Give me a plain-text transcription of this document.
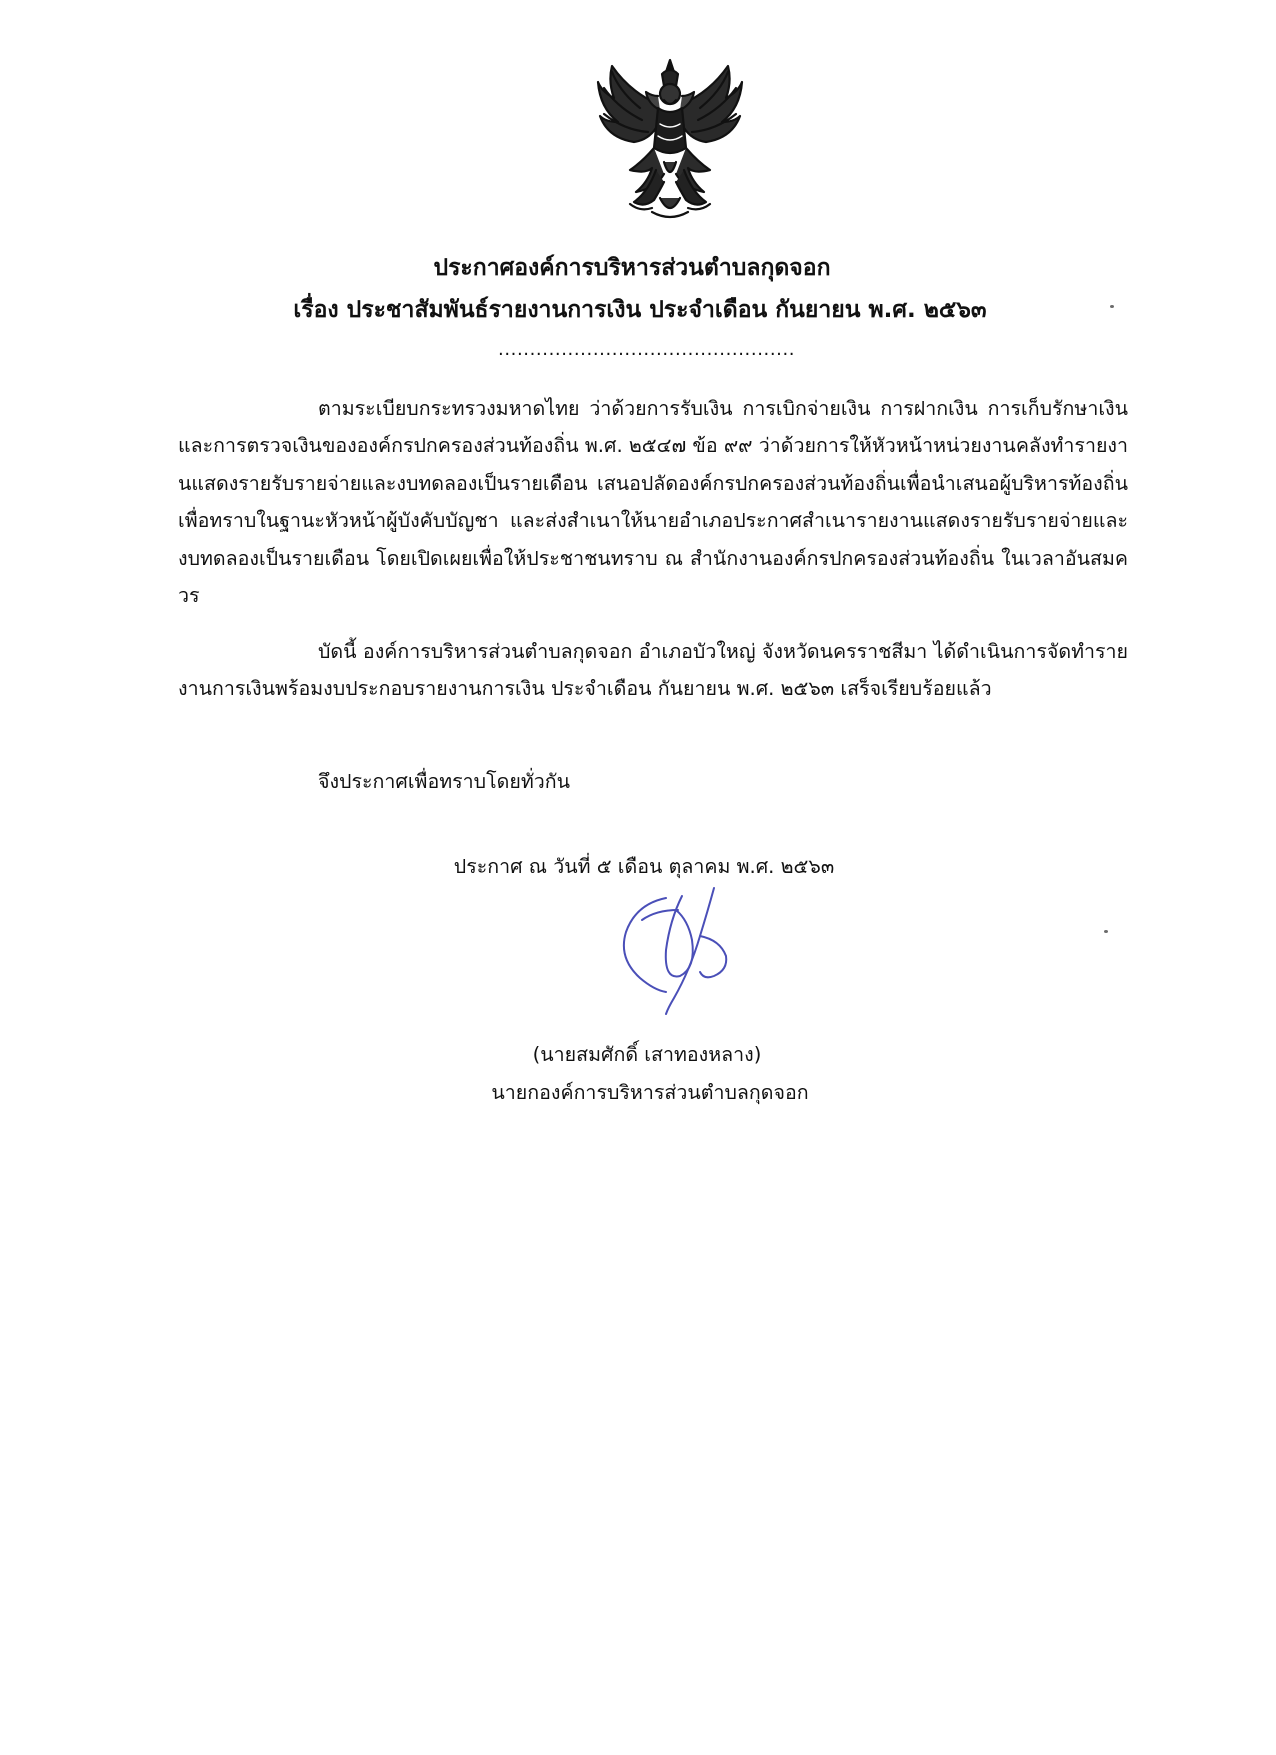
ประกาศองค์การบริหารส่วนตำบลกุดจอก
เรื่อง ประชาสัมพันธ์รายงานการเงิน ประจำเดือน กันยายน พ.ศ. ๒๕๖๓
...............................................
ตามระเบียบกระทรวงมหาดไทย ว่าด้วยการรับเงิน การเบิกจ่ายเงิน การฝากเงิน การเก็บรักษาเงิน และการตรวจเงินขององค์กรปกครองส่วนท้องถิ่น พ.ศ. ๒๕๔๗ ข้อ ๙๙ ว่าด้วยการให้หัวหน้าหน่วยงานคลังทำรายงานแสดงรายรับรายจ่ายและงบทดลองเป็นรายเดือน เสนอปลัดองค์กรปกครองส่วนท้องถิ่นเพื่อนำเสนอผู้บริหารท้องถิ่นเพื่อทราบในฐานะหัวหน้าผู้บังคับบัญชา และส่งสำเนาให้นายอำเภอประกาศสำเนารายงานแสดงรายรับรายจ่ายและงบทดลองเป็นรายเดือน โดยเปิดเผยเพื่อให้ประชาชนทราบ ณ สำนักงานองค์กรปกครองส่วนท้องถิ่น ในเวลาอันสมควร
บัดนี้ องค์การบริหารส่วนตำบลกุดจอก อำเภอบัวใหญ่ จังหวัดนครราชสีมา ได้ดำเนินการจัดทำรายงานการเงินพร้อมงบประกอบรายงานการเงิน ประจำเดือน กันยายน พ.ศ. ๒๕๖๓ เสร็จเรียบร้อยแล้ว
จึงประกาศเพื่อทราบโดยทั่วกัน
ประกาศ ณ วันที่ ๕ เดือน ตุลาคม พ.ศ. ๒๕๖๓
(นายสมศักดิ์ เสาทองหลาง)
นายกองค์การบริหารส่วนตำบลกุดจอก
